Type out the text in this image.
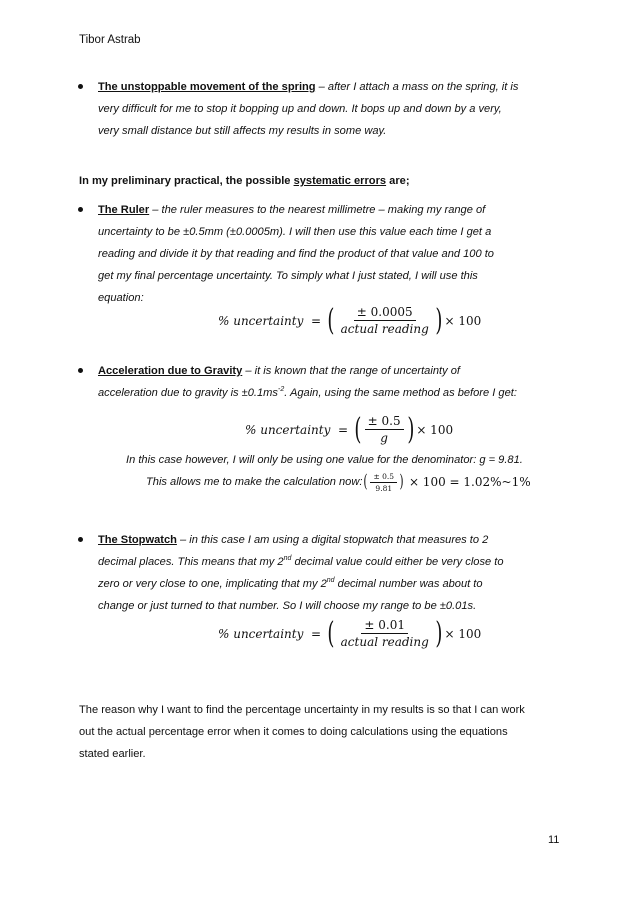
Tibor Astrab
The unstoppable movement of the spring – after I attach a mass on the spring, it is
very difficult for me to stop it bopping up and down. It bops up and down by a very,
very small distance but still affects my results in some way.
In my preliminary practical, the possible systematic errors are;
The Ruler – the ruler measures to the nearest millimetre – making my range of
uncertainty to be ±0.5mm (±0.0005m). I will then use this value each time I get a
reading and divide it by that reading and find the product of that value and 100 to
get my final percentage uncertainty. To simply what I just stated, I will use this
equation:
% uncertainty
=
( $\frac{\pm 0.0005}{\text{actual reading}}$ ) × 100
Acceleration due to Gravity – it is known that the range of uncertainty of
acceleration due to gravity is $\pm 0.1ms^{-2}$. Again, using the same method as before I get:
% uncertainty
=
( $\frac{\pm 0.5}{g}$ ) × 100
In this case however, I will only be using one value for the denominator: g = 9.81.
This allows me to make the calculation now: ( $\frac{\pm 0.5}{9.81}$ )
× 100 = 1.02%~1%
The Stopwatch – in this case I am using a digital stopwatch that measures to 2
decimal places. This means that my 2nd decimal value could either be very close to
zero or very close to one, implicating that my 2nd decimal number was about to
change or just turned to that number. So I will choose my range to be ±0.01s.
% uncertainty
=
( $\frac{\pm 0.01}{\text{actual reading}}$ ) × 100
The reason why I want to find the percentage uncertainty in my results is so that I can work
out the actual percentage error when it comes to doing calculations using the equations
stated earlier.
11
